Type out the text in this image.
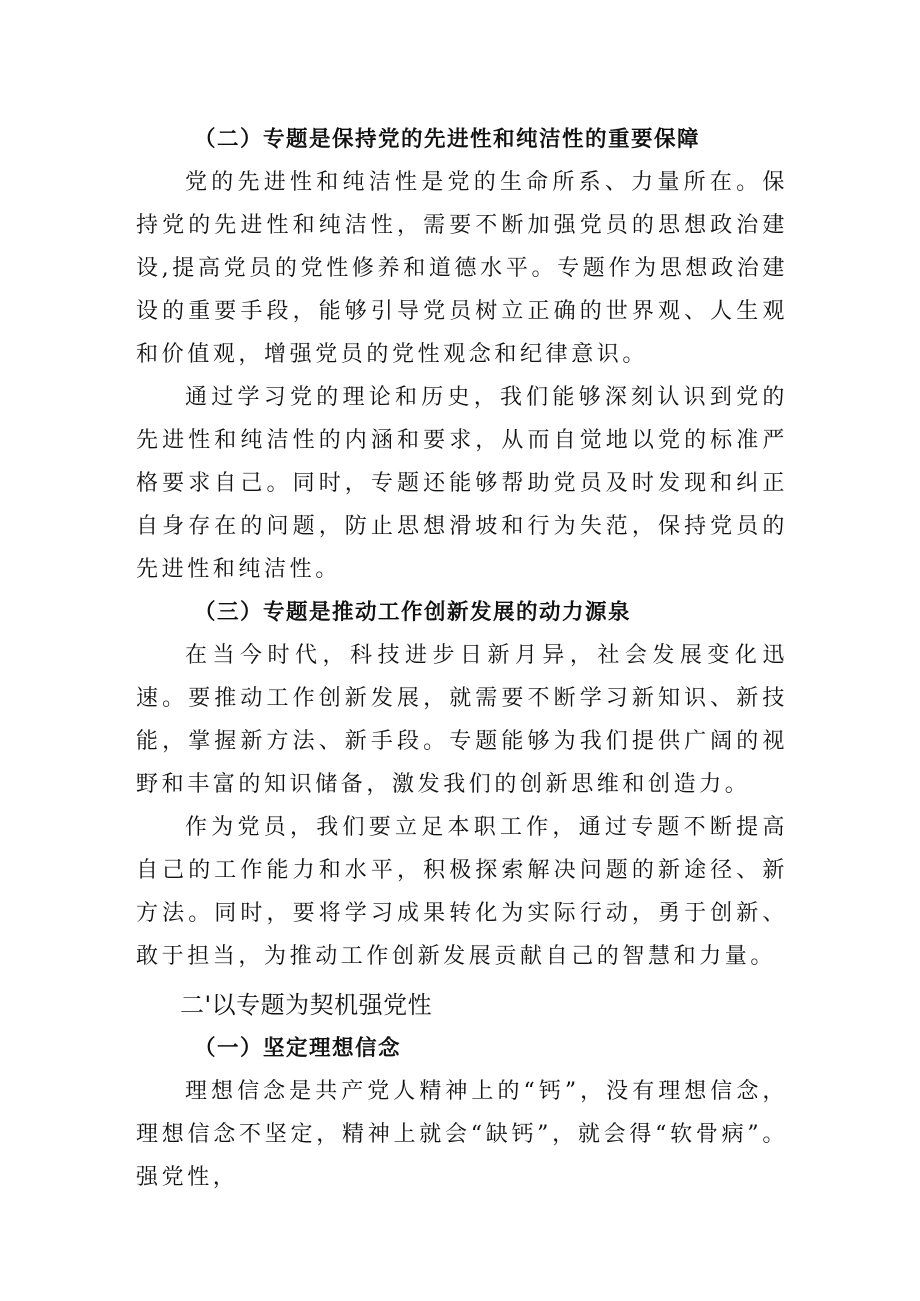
（二）专题是保持党的先进性和纯洁性的重要保障

党的先进性和纯洁性是党的生命所系、力量所在。保持党的先进性和纯洁性，需要不断加强党员的思想政治建设,提高党员的党性修养和道德水平。专题作为思想政治建设的重要手段，能够引导党员树立正确的世界观、人生观和价值观，增强党员的党性观念和纪律意识。

通过学习党的理论和历史，我们能够深刻认识到党的先进性和纯洁性的内涵和要求，从而自觉地以党的标准严格要求自己。同时，专题还能够帮助党员及时发现和纠正自身存在的问题，防止思想滑坡和行为失范，保持党员的先进性和纯洁性。

（三）专题是推动工作创新发展的动力源泉

在当今时代，科技进步日新月异，社会发展变化迅速。要推动工作创新发展，就需要不断学习新知识、新技能，掌握新方法、新手段。专题能够为我们提供广阔的视野和丰富的知识储备，激发我们的创新思维和创造力。

作为党员，我们要立足本职工作，通过专题不断提高自己的工作能力和水平，积极探索解决问题的新途径、新方法。同时，要将学习成果转化为实际行动，勇于创新、敢于担当，为推动工作创新发展贡献自己的智慧和力量。

二'以专题为契机强党性

（一）坚定理想信念

理想信念是共产党人精神上的“钙”，没有理想信念，理想信念不坚定，精神上就会“缺钙”，就会得“软骨病”。强党性，
